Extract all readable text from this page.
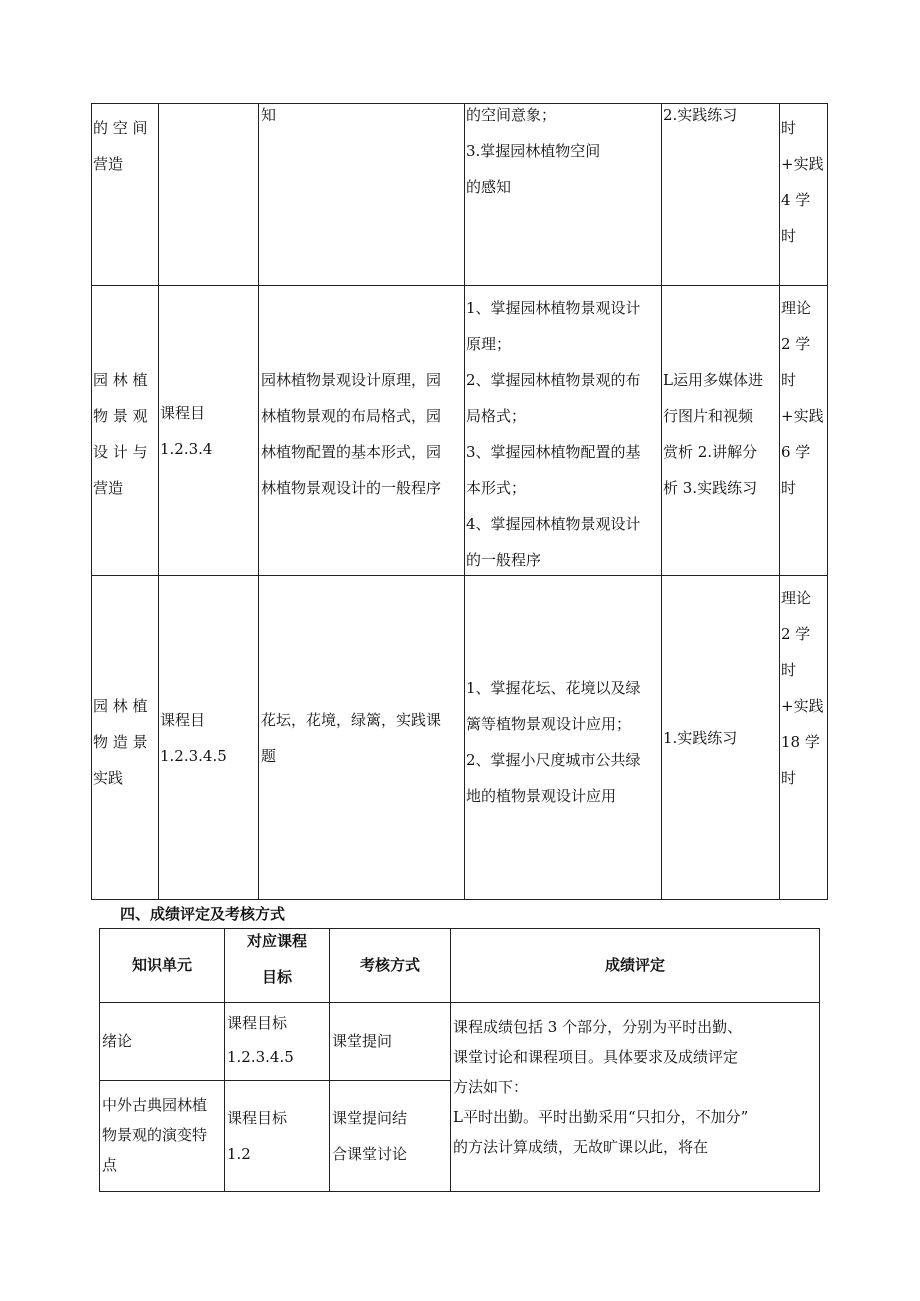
的 空 间
营造
知	的空间意象；
3.掌握园林植物空间
的感知
2.实践练习
时
+实践
4 学
时
园 林 植
物 景 观
设 计 与
营造
课程目
1.2.3.4
园林植物景观设计原理，园
林植物景观的布局格式，园
林植物配置的基本形式，园
林植物景观设计的一般程序
1、掌握园林植物景观设计
原理；
2、掌握园林植物景观的布
局格式；
3、掌握园林植物配置的基
本形式；
4、掌握园林植物景观设计
的一般程序
L运用多媒体进
行图片和视频
赏析 2.讲解分
析 3.实践练习
理论
2 学
时
+实践
6 学
时
园 林 植
物 造 景
实践
课程目
1.2.3.4.5
花坛，花境，绿篱，实践课
题
1、掌握花坛、花境以及绿
篱等植物景观设计应用；
2、掌握小尺度城市公共绿
地的植物景观设计应用
1.实践练习
理论
2 学
时
+实践
18 学
时
四、成绩评定及考核方式
知识单元
对应课程
目标
考核方式	成绩评定
绪论
课程目标
1.2.3.4.5
课堂提问
中外古典园林植
物景观的演变特
点
课程目标
1.2
课堂提问结
合课堂讨论
课程成绩包括 3 个部分，分别为平时出勤、
课堂讨论和课程项目。具体要求及成绩评定
方法如下：
L平时出勤。平时出勤采用“只扣分，不加分”
的方法计算成绩，无故旷课以此，将在
